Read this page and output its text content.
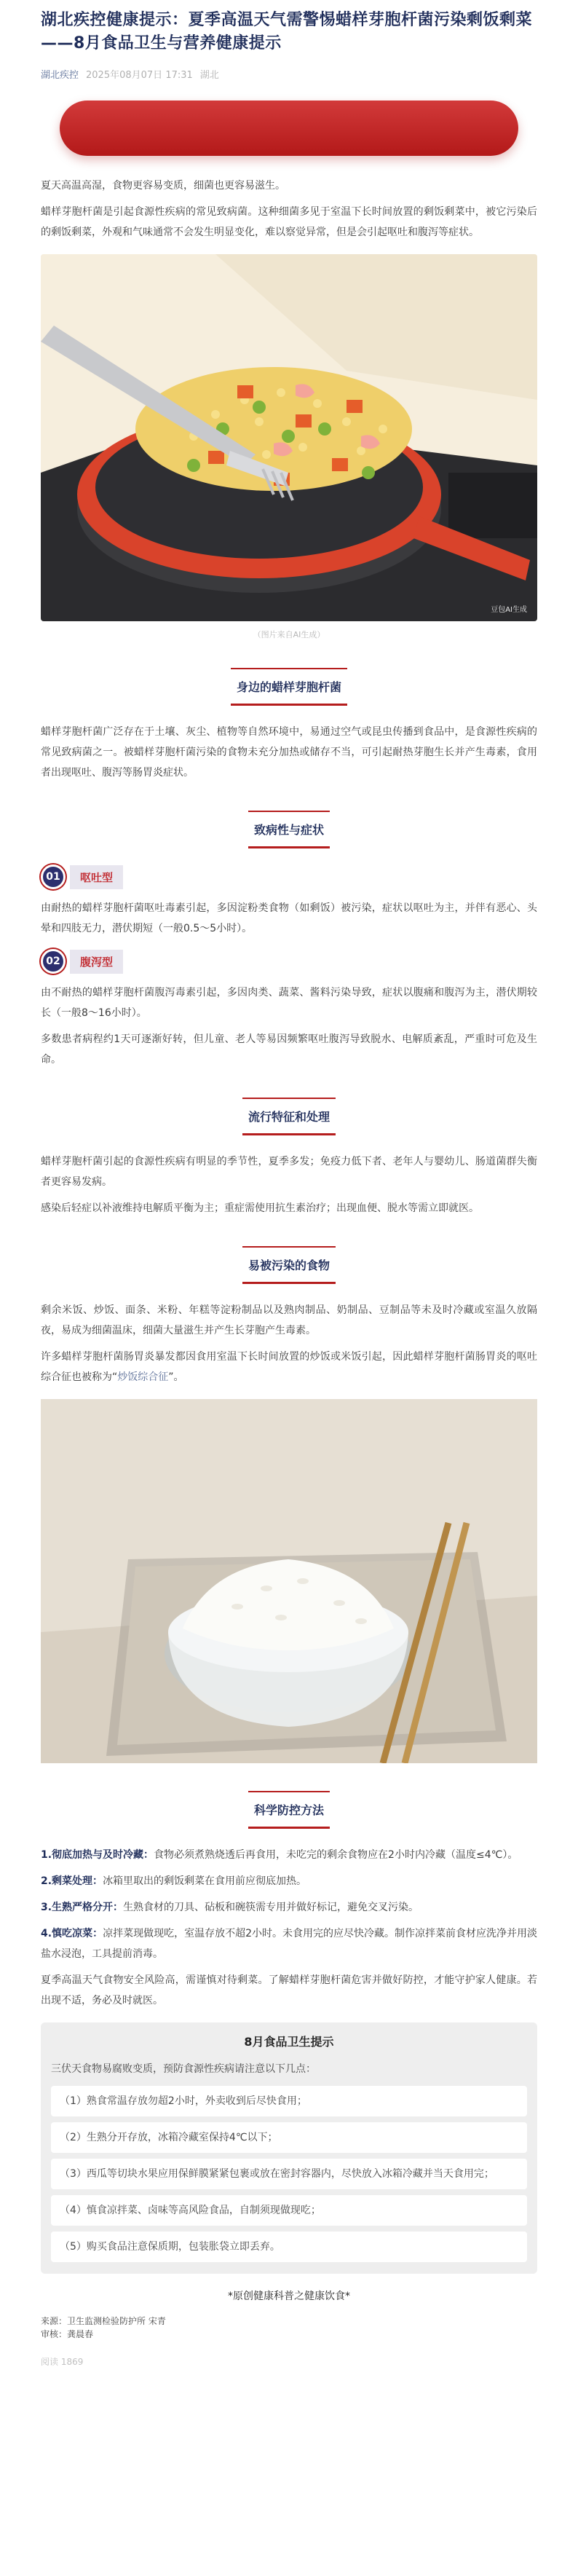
湖北疾控健康提示：夏季高温天气需警惕蜡样芽胞杆菌污染剩饭剩菜——8月食品卫生与营养健康提示
湖北疾控 2025年08月07日 17:31 湖北

夏天高温高湿，食物更容易变质，细菌也更容易滋生。

蜡样芽胞杆菌是引起食源性疾病的常见致病菌。这种细菌多见于室温下长时间放置的剩饭剩菜中，被它污染后的剩饭剩菜，外观和气味通常不会发生明显变化，难以察觉异常，但是会引起呕吐和腹泻等症状。

豆包AI生成
（图片来自AI生成）
身边的蜡样芽胞杆菌

蜡样芽胞杆菌广泛存在于土壤、灰尘、植物等自然环境中，易通过空气或昆虫传播到食品中，是食源性疾病的常见致病菌之一。被蜡样芽胞杆菌污染的食物未充分加热或储存不当，可引起耐热芽胞生长并产生毒素，食用者出现呕吐、腹泻等肠胃炎症状。

致病性与症状
01	呕吐型

由耐热的蜡样芽胞杆菌呕吐毒素引起，多因淀粉类食物（如剩饭）被污染，症状以呕吐为主，并伴有恶心、头晕和四肢无力，潜伏期短（一般0.5～5小时）。

02	腹泻型

由不耐热的蜡样芽胞杆菌腹泻毒素引起，多因肉类、蔬菜、酱料污染导致，症状以腹痛和腹泻为主，潜伏期较长（一般8～16小时）。

多数患者病程约1天可逐渐好转，但儿童、老人等易因频繁呕吐腹泻导致脱水、电解质紊乱，严重时可危及生命。

流行特征和处理

蜡样芽胞杆菌引起的食源性疾病有明显的季节性，夏季多发；免疫力低下者、老年人与婴幼儿、肠道菌群失衡者更容易发病。

感染后轻症以补液维持电解质平衡为主；重症需使用抗生素治疗；出现血便、脱水等需立即就医。

易被污染的食物

剩余米饭、炒饭、面条、米粉、年糕等淀粉制品以及熟肉制品、奶制品、豆制品等未及时冷藏或室温久放隔夜，易成为细菌温床，细菌大量滋生并产生长芽胞产生毒素。

许多蜡样芽胞杆菌肠胃炎暴发都因食用室温下长时间放置的炒饭或米饭引起，因此蜡样芽胞杆菌肠胃炎的呕吐综合征也被称为“炒饭综合征”。

科学防控方法

1.彻底加热与及时冷藏：食物必须煮熟烧透后再食用，未吃完的剩余食物应在2小时内冷藏（温度≤4℃）。

2.剩菜处理：冰箱里取出的剩饭剩菜在食用前应彻底加热。

3.生熟严格分开：生熟食材的刀具、砧板和碗筷需专用并做好标记，避免交叉污染。

4.慎吃凉菜：凉拌菜现做现吃，室温存放不超2小时。未食用完的应尽快冷藏。制作凉拌菜前食材应洗净并用淡盐水浸泡，工具提前消毒。

夏季高温天气食物安全风险高，需谨慎对待剩菜。了解蜡样芽胞杆菌危害并做好防控，才能守护家人健康。若出现不适，务必及时就医。

8月食品卫生提示
三伏天食物易腐败变质，预防食源性疾病请注意以下几点：
（1）熟食常温存放勿超2小时，外卖收到后尽快食用；
（2）生熟分开存放，冰箱冷藏室保持4℃以下；
（3）西瓜等切块水果应用保鲜膜紧紧包裹或放在密封容器内，尽快放入冰箱冷藏并当天食用完；
（4）慎食凉拌菜、卤味等高风险食品，自制须现做现吃；
（5）购买食品注意保质期，包装胀袋立即丢弃。
*原创健康科普之健康饮食*
来源：卫生监测检验防护所 宋青
审核：龚晨春
阅读 1869
